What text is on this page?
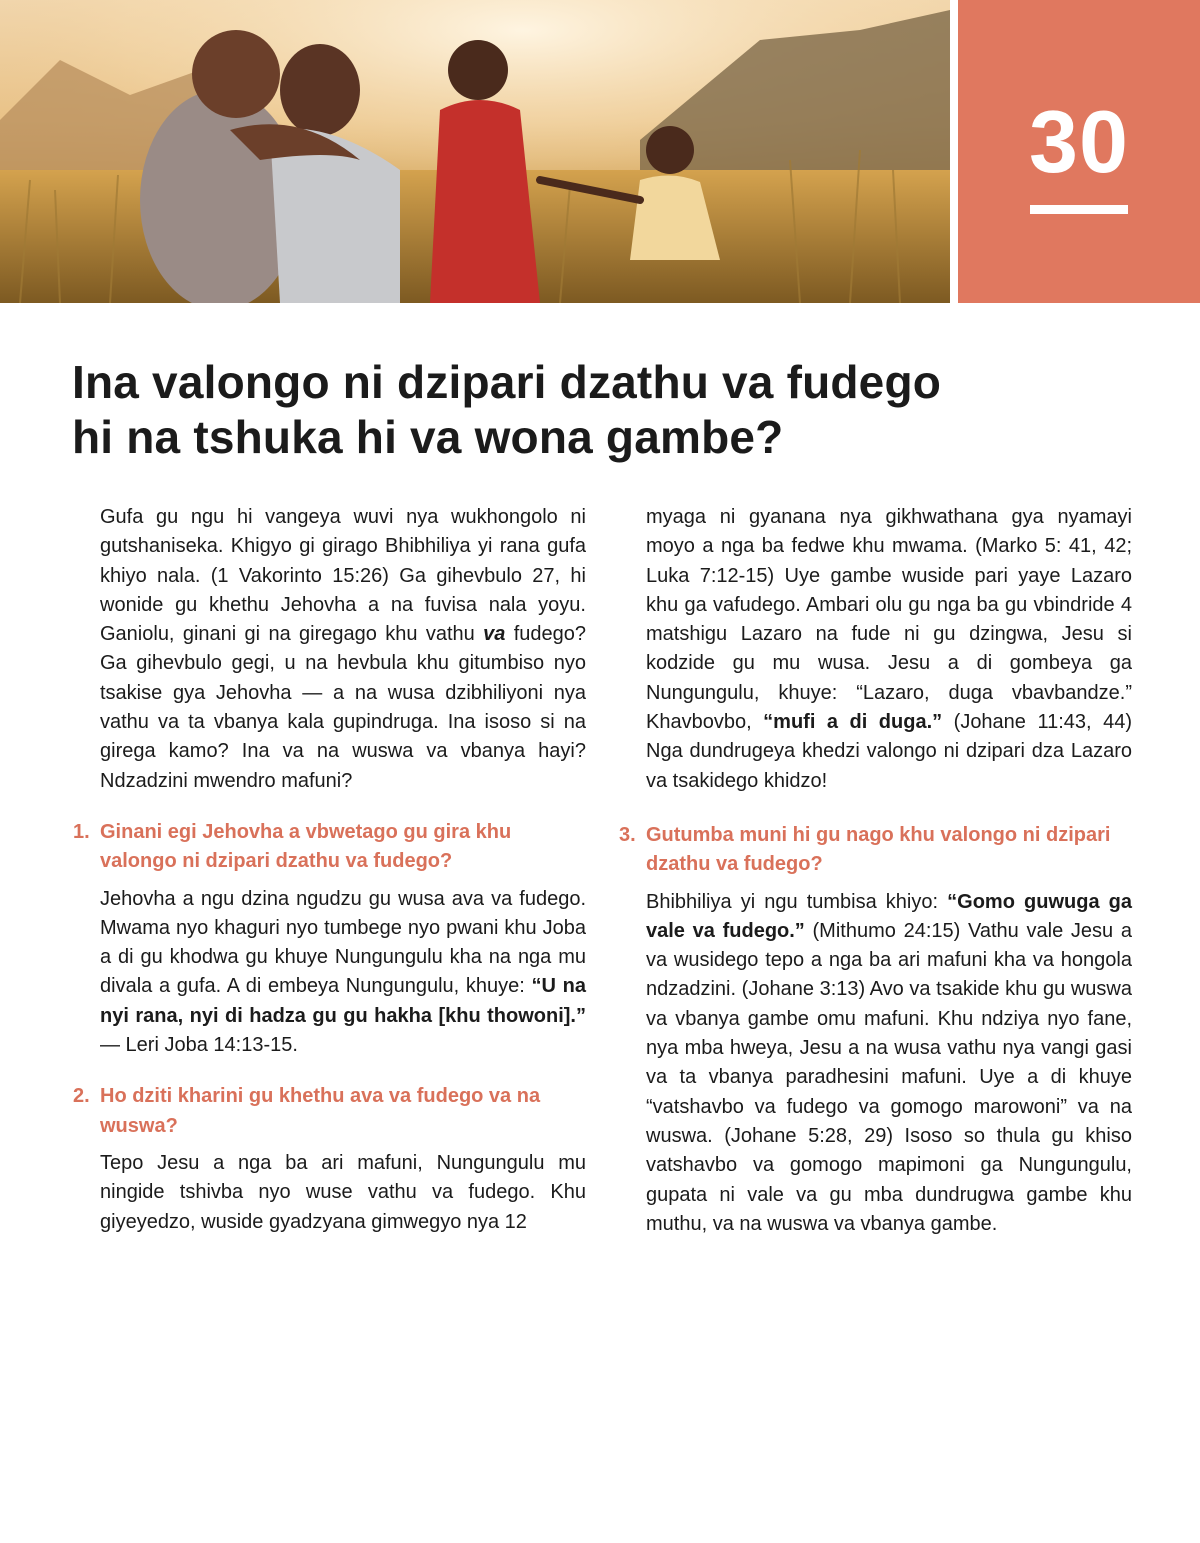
30
Ina valongo ni dzipari dzathu va fudego
hi na tshuka hi va wona gambe?

Gufa gu ngu hi vangeya wuvi nya wukhongolo ni gutshaniseka. Khigyo gi girago Bhibhiliya yi rana gufa khiyo nala. (1 Vakorinto 15:26) Ga gihevbulo 27, hi wonide gu khethu Jehovha a na fuvisa nala yoyu. Ganiolu, ginani gi na giregago khu vathu va fudego? Ga gihevbulo gegi, u na hevbula khu gitumbiso nyo tsakise gya Jehovha — a na wusa dzibhiliyoni nya vathu va ta vbanya kala gupindruga. Ina isoso si na girega kamo? Ina va na wuswa va vbanya hayi? Ndzadzini mwendro mafuni?

1. Ginani egi Jehovha a vbwetago gu gira khu valongo ni dzipari dzathu va fudego?

Jehovha a ngu dzina ngudzu gu wusa ava va fudego. Mwama nyo khaguri nyo tumbege nyo pwani khu Joba a di gu khodwa gu khuye Nungungulu kha na nga mu divala a gufa. A di embeya Nungungulu, khuye: “U na nyi rana, nyi di hadza gu gu hakha [khu thowoni].” — Leri Joba 14:13-15.

2. Ho dziti kharini gu khethu ava va fudego va na wuswa?

Tepo Jesu a nga ba ari mafuni, Nungungulu mu ningide tshivba nyo wuse vathu va fudego. Khu giyeyedzo, wuside gyadzyana gimwegyo nya 12

myaga ni gyanana nya gikhwathana gya nyamayi moyo a nga ba fedwe khu mwama. (Marko 5: 41, 42; Luka 7:12-15) Uye gambe wuside pari yaye Lazaro khu ga vafudego. Ambari olu gu nga ba gu vbindride 4 matshigu Lazaro na fude ni gu dzingwa, Jesu si kodzide gu mu wusa. Jesu a di gombeya ga Nungungulu, khuye: “Lazaro, duga vbavbandze.” Khavbovbo, “mufi a di duga.” (Johane 11:43, 44) Nga dundrugeya khedzi valongo ni dzipari dza Lazaro va tsakidego khidzo!

3. Gutumba muni hi gu nago khu valongo ni dzipari dzathu va fudego?

Bhibhiliya yi ngu tumbisa khiyo: “Gomo guwuga ga vale va fudego.” (Mithumo 24:15) Vathu vale Jesu a va wusidego tepo a nga ba ari mafuni kha va hongola ndzadzini. (Johane 3:13) Avo va tsakide khu gu wuswa va vbanya gambe omu mafuni. Khu ndziya nyo fane, nya mba hweya, Jesu a na wusa vathu nya vangi gasi va ta vbanya paradhesini mafuni. Uye a di khuye “vatshavbo va fudego va gomogo marowoni” va na wuswa. (Johane 5:28, 29) Isoso so thula gu khiso vatshavbo va gomogo mapimoni ga Nungungulu, gupata ni vale va gu mba dundrugwa gambe khu muthu, va na wuswa va vbanya gambe.
